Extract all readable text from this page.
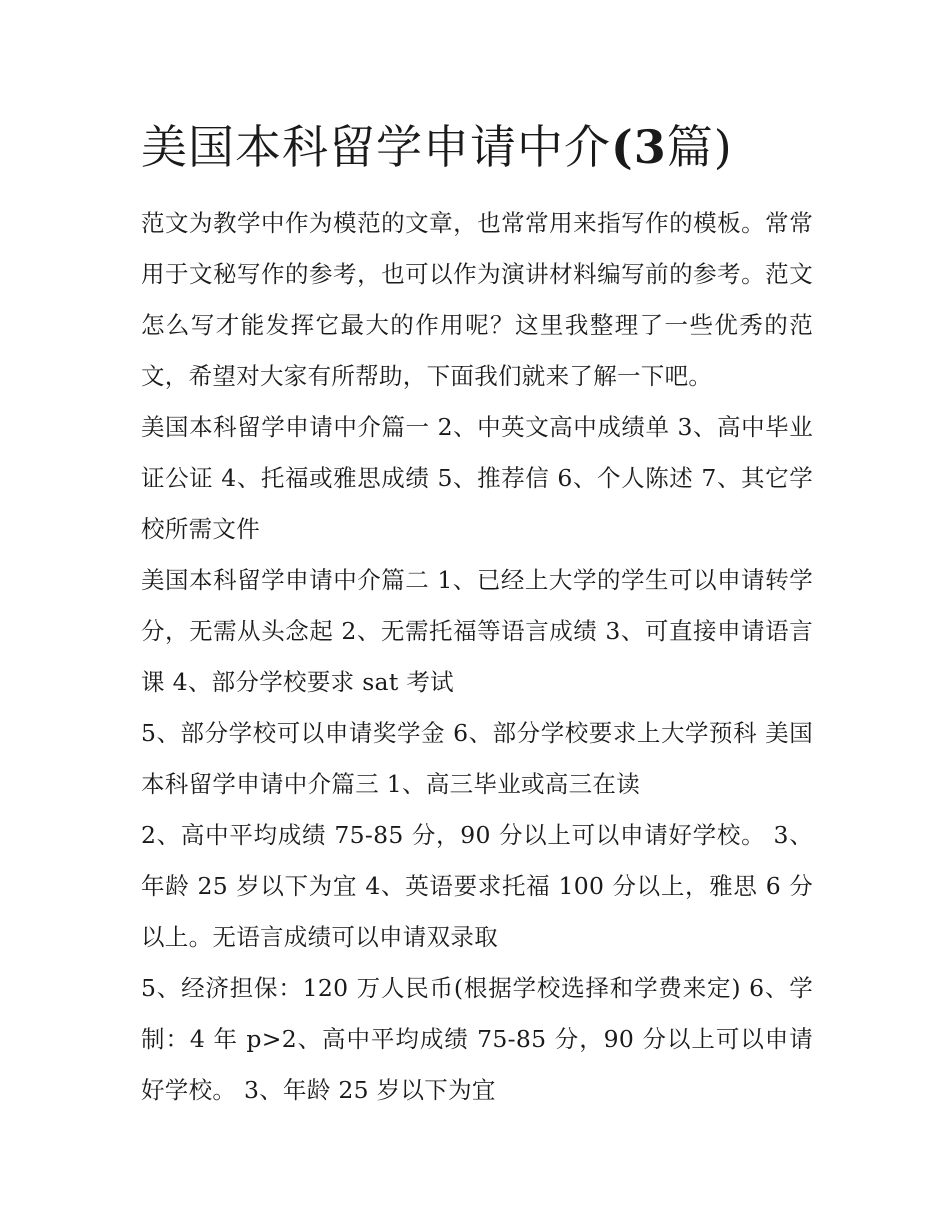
美国本科留学申请中介(3篇)

范文为教学中作为模范的文章，也常常用来指写作的模板。常常用于文秘写作的参考，也可以作为演讲材料编写前的参考。范文怎么写才能发挥它最大的作用呢？这里我整理了一些优秀的范文，希望对大家有所帮助，下面我们就来了解一下吧。

美国本科留学申请中介篇一 2、中英文高中成绩单 3、高中毕业证公证 4、托福或雅思成绩 5、推荐信 6、个人陈述 7、其它学校所需文件

美国本科留学申请中介篇二 1、已经上大学的学生可以申请转学分，无需从头念起 2、无需托福等语言成绩 3、可直接申请语言课 4、部分学校要求 sat 考试

5、部分学校可以申请奖学金 6、部分学校要求上大学预科 美国本科留学申请中介篇三 1、高三毕业或高三在读

2、高中平均成绩 75-85 分，90 分以上可以申请好学校。 3、年龄 25 岁以下为宜 4、英语要求托福 100 分以上，雅思 6 分以上。无语言成绩可以申请双录取

5、经济担保：120 万人民币(根据学校选择和学费来定) 6、学制：4 年 p>2、高中平均成绩 75-85 分，90 分以上可以申请好学校。 3、年龄 25 岁以下为宜
